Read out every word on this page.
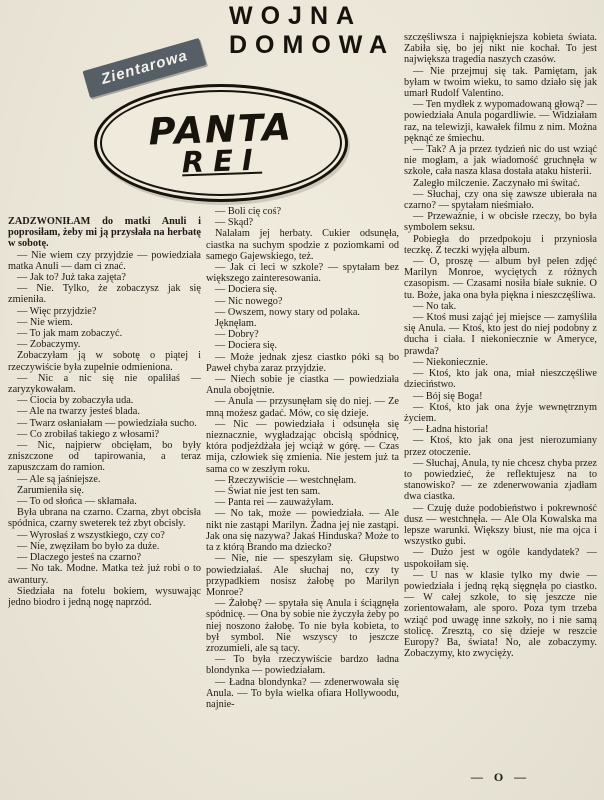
WOJNA
DOMOWA
Zientarowa
PANTA
REI

ZADZWONIŁAM do matki Anuli i poprosiłam, żeby mi ją przysłała na herbatę w sobotę.

— Nie wiem czy przyjdzie — powiedziała matka Anuli — dam ci znać.

— Jak to? Już taka zajęta?

— Nie. Tylko, że zobaczysz jak się zmieniła.

— Więc przyjdzie?

— Nie wiem.

— To jak mam zobaczyć.

— Zobaczymy.

Zobaczyłam ją w sobotę o piątej i rzeczywiście była zupełnie odmieniona.

— Nic a nic się nie opaliłaś — zaryzykowałam.

— Ciocia by zobaczyła uda.

— Ale na twarzy jesteś blada.

— Twarz osłaniałam — powiedziała sucho.

— Co zrobiłaś takiego z włosami?

— Nic, najpierw obcięłam, bo były zniszczone od tapirowania, a teraz zapuszczam do ramion.

— Ale są jaśniejsze.

Zarumieniła się.

— To od słońca — skłamała.

Była ubrana na czarno. Czarna, zbyt obcisła spódnica, czarny sweterek też zbyt obcisły.

— Wyrosłaś z wszystkiego, czy co?

— Nie, zwęziłam bo było za duże.

— Dlaczego jesteś na czarno?

— No tak. Modne. Matka też już robi o to awantury.

Siedziała na fotelu bokiem, wysuwając jedno biodro i jedną nogę naprzód.

— Boli cię coś?

— Skąd?

Nalałam jej herbaty. Cukier odsunęła, ciastka na suchym spodzie z poziomkami od samego Gajewskiego, też.

— Jak ci leci w szkole? — spytałam bez większego zainteresowania.

— Dociera się.

— Nic nowego?

— Owszem, nowy stary od polaka.

Jęknęłam.

— Dobry?

— Dociera się.

— Może jednak zjesz ciastko póki są bo Paweł chyba zaraz przyjdzie.

— Niech sobie je ciastka — powiedziała Anula obojętnie.

— Anula — przysunęłam się do niej. — Ze mną możesz gadać. Mów, co się dzieje.

— Nic — powiedziała i odsunęła się nieznacznie, wygładzając obcisłą spódnicę, która podjeżdżała jej wciąż w górę. — Czas mija, człowiek się zmienia. Nie jestem już ta sama co w zeszłym roku.

— Rzeczywiście — westchnęłam.

— Świat nie jest ten sam.

— Panta rei — zauważyłam.

— No tak, może — powiedziała. — Ale nikt nie zastąpi Marilyn. Żadna jej nie zastąpi. Jak ona się nazywa? Jakaś Hinduska? Może to ta z którą Brando ma dziecko?

— Nie, nie — speszyłam się. Głupstwo powiedziałaś. Ale słuchaj no, czy ty przypadkiem nosisz żałobę po Marilyn Monroe?

— Żałobę? — spytała się Anula i ściągnęła spódnicę. — Ona by sobie nie życzyła żeby po niej noszono żałobę. To nie była kobieta, to był symbol. Nie wszyscy to jeszcze zrozumieli, ale są tacy.

— To była rzeczywiście bardzo ładna blondynka — powiedziałam.

— Ładna blondynka? — zdenerwowała się Anula. — To była wielka ofiara Hollywoodu, najnie-

szczęśliwsza i najpiękniejsza kobieta świata. Zabiła się, bo jej nikt nie kochał. To jest największa tragedia naszych czasów.

— Nie przejmuj się tak. Pamiętam, jak byłam w twoim wieku, to samo działo się jak umarł Rudolf Valentino.

— Ten mydłek z wypomadowaną głową? — powiedziała Anula pogardliwie. — Widziałam raz, na telewizji, kawałek filmu z nim. Można pęknąć ze śmiechu.

— Tak? A ja przez tydzień nic do ust wziąć nie mogłam, a jak wiadomość gruchnęła w szkole, cała nasza klasa dostała ataku histerii.

Zaległo milczenie. Zaczynało mi świtać.

— Słuchaj, czy ona się zawsze ubierała na czarno? — spytałam nieśmiało.

— Przeważnie, i w obcisłe rzeczy, bo była symbolem seksu.

Pobiegła do przedpokoju i przyniosła teczkę. Z teczki wyjęła album.

— O, proszę — album był pełen zdjęć Marilyn Monroe, wyciętych z różnych czasopism. — Czasami nosiła białe suknie. O tu. Boże, jaka ona była piękna i nieszczęśliwa.

— No tak.

— Ktoś musi zająć jej miejsce — zamyśliła się Anula. — Ktoś, kto jest do niej podobny z ducha i ciała. I niekoniecznie w Ameryce, prawda?

— Niekoniecznie.

— Ktoś, kto jak ona, miał nieszczęśliwe dzieciństwo.

— Bój się Boga!

— Ktoś, kto jak ona żyje wewnętrznym życiem.

— Ładna historia!

— Ktoś, kto jak ona jest nierozumiany przez otoczenie.

— Słuchaj, Anula, ty nie chcesz chyba przez to powiedzieć, że reflektujesz na to stanowisko? — ze zdenerwowania zjadłam dwa ciastka.

— Czuję duże podobieństwo i pokrewność dusz — westchnęła. — Ale Ola Kowalska ma lepsze warunki. Większy biust, nie ma ojca i wszystko gubi.

— Dużo jest w ogóle kandydatek? — uspokoiłam się.

— U nas w klasie tylko my dwie — powiedziała i jedną ręką sięgnęła po ciastko. — W całej szkole, to się jeszcze nie zorientowałam, ale sporo. Poza tym trzeba wziąć pod uwagę inne szkoły, no i nie samą stolicę. Zresztą, co się dzieje w reszcie Europy? Ba, świata! No, ale zobaczymy. Zobaczymy, kto zwycięży.

— O —
